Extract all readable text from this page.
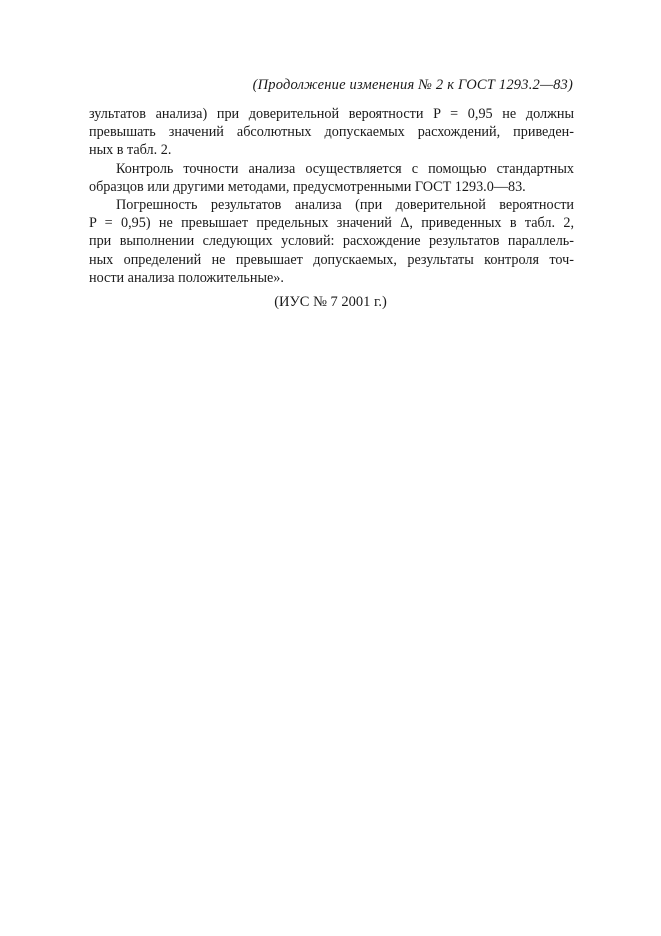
(Продолжение изменения № 2 к ГОСТ 1293.2—83)

зультатов анализа) при доверительной вероятности P = 0,95 не должны
превышать значений абсолютных допускаемых расхождений, приведен-
ных в табл. 2.

Контроль точности анализа осуществляется с помощью стандартных
образцов или другими методами, предусмотренными ГОСТ 1293.0—83.

Погрешность результатов анализа (при доверительной вероятности
P = 0,95) не превышает предельных значений Δ, приведенных в табл. 2,
при выполнении следующих условий: расхождение результатов параллель-
ных определений не превышает допускаемых, результаты контроля точ-
ности анализа положительные».

(ИУС № 7 2001 г.)
